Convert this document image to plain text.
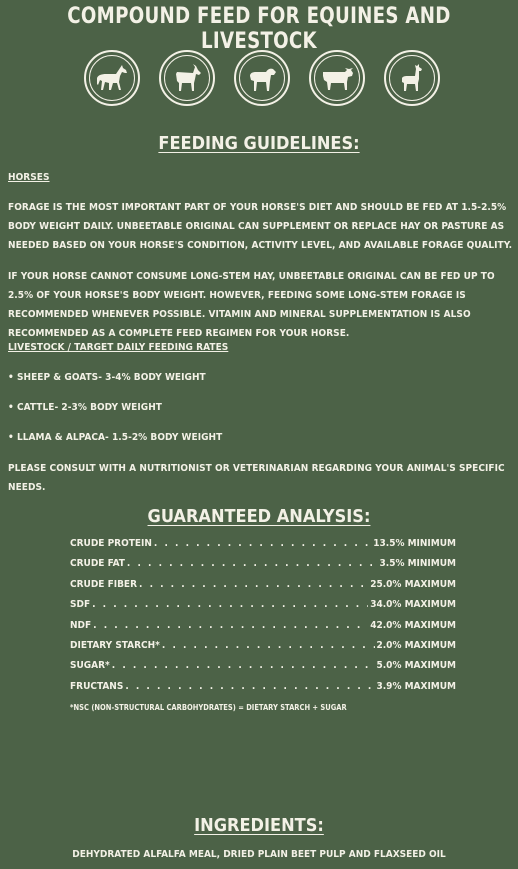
COMPOUND FEED FOR EQUINES AND LIVESTOCK
FEEDING GUIDELINES:
HORSES
FORAGE IS THE MOST IMPORTANT PART OF YOUR HORSE'S DIET AND SHOULD BE FED AT 1.5-2.5% BODY WEIGHT DAILY. UNBEETABLE ORIGINAL CAN SUPPLEMENT OR REPLACE HAY OR PASTURE AS NEEDED BASED ON YOUR HORSE'S CONDITION, ACTIVITY LEVEL, AND AVAILABLE FORAGE QUALITY.
IF YOUR HORSE CANNOT CONSUME LONG-STEM HAY, UNBEETABLE ORIGINAL CAN BE FED UP TO 2.5% OF YOUR HORSE'S BODY WEIGHT. HOWEVER, FEEDING SOME LONG-STEM FORAGE IS RECOMMENDED WHENEVER POSSIBLE. VITAMIN AND MINERAL SUPPLEMENTATION IS ALSO RECOMMENDED AS A COMPLETE FEED REGIMEN FOR YOUR HORSE.
LIVESTOCK / TARGET DAILY FEEDING RATES
• SHEEP & GOATS- 3-4% BODY WEIGHT
• CATTLE- 2-3% BODY WEIGHT
• LLAMA & ALPACA- 1.5-2% BODY WEIGHT
PLEASE CONSULT WITH A NUTRITIONIST OR VETERINARIAN REGARDING YOUR ANIMAL'S SPECIFIC NEEDS.
GUARANTEED ANALYSIS:
CRUDE PROTEIN . . .	13.5% MINIMUM
CRUDE FAT . . .	3.5% MINIMUM
CRUDE FIBER . . .	25.0% MAXIMUM
SDF . . .	34.0% MAXIMUM
NDF . . .	42.0% MAXIMUM
DIETARY STARCH* . . .	2.0% MAXIMUM
SUGAR* . . .	5.0% MAXIMUM
FRUCTANS . . .	3.9% MAXIMUM
*NSC (NON-STRUCTURAL CARBOHYDRATES) = DIETARY STARCH + SUGAR
INGREDIENTS:
DEHYDRATED ALFALFA MEAL, DRIED PLAIN BEET PULP AND FLAXSEED OIL
